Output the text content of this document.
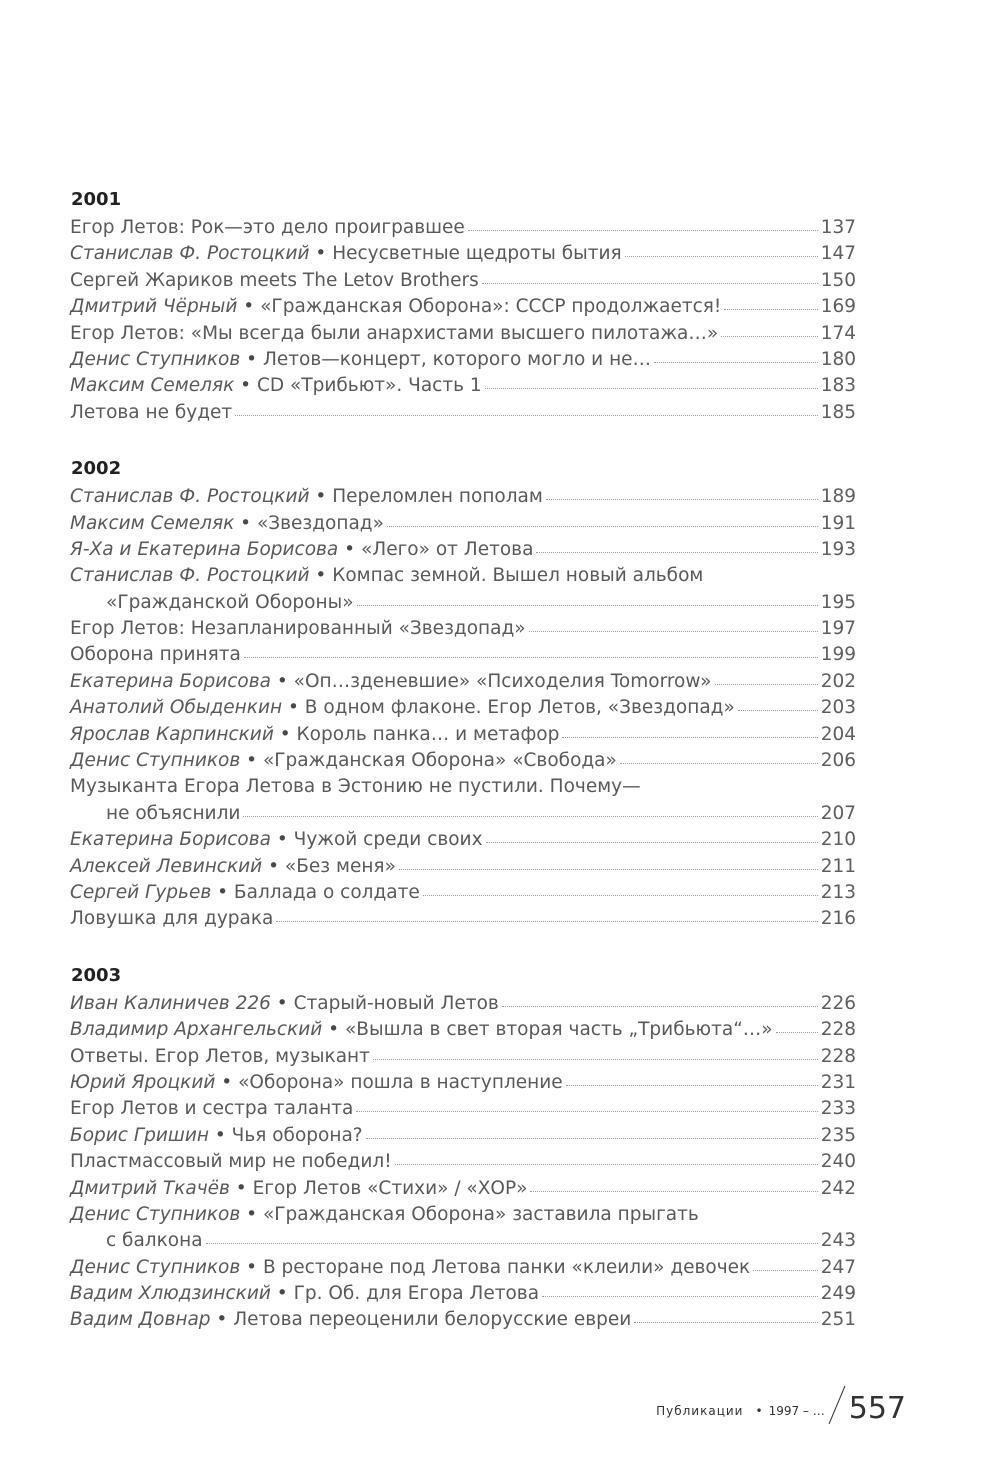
2001
Егор Летов: Рок—это дело проигравшее	137
Станислав Ф. Ростоцкий • Несусветные щедроты бытия	147
Сергей Жариков meets The Letov Brothers	150
Дмитрий Чёрный • «Гражданская Оборона»: СССР продолжается!	169
Егор Летов: «Мы всегда были анархистами высшего пилотажа…»	174
Денис Ступников • Летов—концерт, которого могло и не…	180
Максим Семеляк • CD «Трибьют». Часть 1	183
Летова не будет	185
2002
Станислав Ф. Ростоцкий • Переломлен пополам	189
Максим Семеляк • «Звездопад»	191
Я-Ха и Екатерина Борисова • «Лего» от Летова	193
Станислав Ф. Ростоцкий • Компас земной. Вышел новый альбом
«Гражданской Обороны»	195
Егор Летов: Незапланированный «Звездопад»	197
Оборона принята	199
Екатерина Борисова • «Оп…зденевшие» «Психоделия Tomorrow»	202
Анатолий Обыденкин • В одном флаконе. Егор Летов, «Звездопад»	203
Ярослав Карпинский • Король панка… и метафор	204
Денис Ступников • «Гражданская Оборона» «Свобода»	206
Музыканта Егора Летова в Эстонию не пустили. Почему—
не объяснили	207
Екатерина Борисова • Чужой среди своих	210
Алексей Левинский • «Без меня»	211
Сергей Гурьев • Баллада о солдате	213
Ловушка для дурака	216
2003
Иван Калиничев 226 • Старый-новый Летов	226
Владимир Архангельский • «Вышла в свет вторая часть „Трибьюта“…»	228
Ответы. Егор Летов, музыкант	228
Юрий Яроцкий • «Оборона» пошла в наступление	231
Егор Летов и сестра таланта	233
Борис Гришин • Чья оборона?	235
Пластмассовый мир не победил!	240
Дмитрий Ткачёв • Егор Летов «Стихи» / «ХОР»	242
Денис Ступников • «Гражданская Оборона» заставила прыгать
с балкона	243
Денис Ступников • В ресторане под Летова панки «клеили» девочек	247
Вадим Хлюдзинский • Гр. Об. для Егора Летова	249
Вадим Довнар • Летова переоценили белорусские евреи	251
Публикации • 1997 – … 557
